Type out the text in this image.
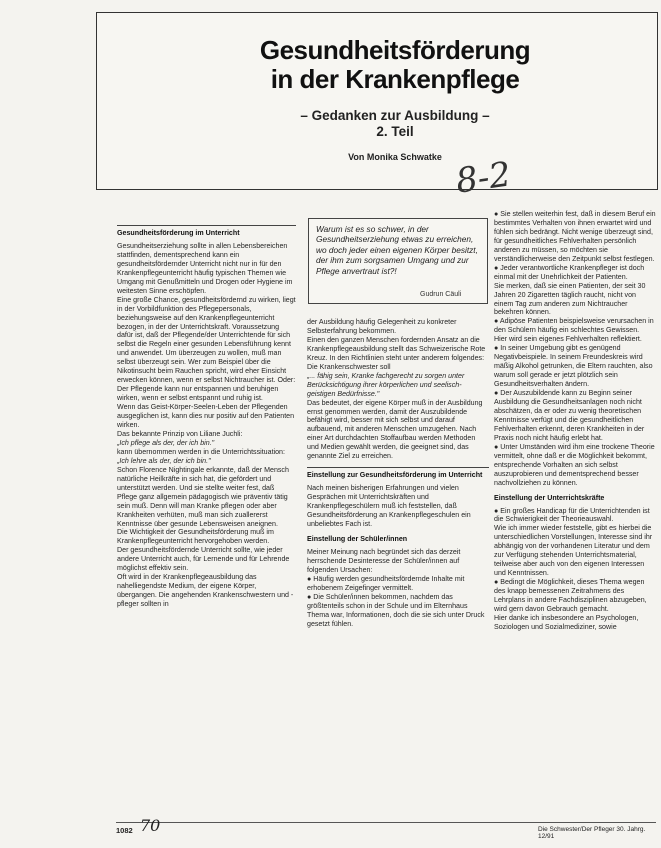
Gesundheitsförderung
in der Krankenpflege
– Gedanken zur Ausbildung –
2. Teil
Von Monika Schwatke 8-2

Gesundheitsförderung im Unterricht

Gesundheitserziehung sollte in allen Lebensbereichen stattfinden, dementsprechend kann ein gesundheitsfördernder Unterricht nicht nur in für den Krankenpflegeunterricht häufig typischen Themen wie Umgang mit Genußmitteln und Drogen oder Hygiene im weitesten Sinne erschöpfen.

Eine große Chance, gesundheitsfördernd zu wirken, liegt in der Vorbildfunktion des Pflegepersonals, beziehungsweise auf den Krankenpflegeunterricht bezogen, in der der Unterrichtskraft. Voraussetzung dafür ist, daß der Pflegende/der Unterrichtende für sich selbst die Regeln einer gesunden Lebensführung kennt und anwendet. Um überzeugen zu wollen, muß man selbst überzeugt sein. Wer zum Beispiel über die Nikotinsucht beim Rauchen spricht, wird eher Einsicht erwecken können, wenn er selbst Nichtraucher ist. Oder: Der Pflegende kann nur entspannen und beruhigen wirken, wenn er selbst entspannt und ruhig ist.

Wenn das Geist-Körper-Seelen-Leben der Pflegenden ausgeglichen ist, kann dies nur positiv auf den Patienten wirken.

Das bekannte Prinzip von Liliane Juchli:

„Ich pflege als der, der ich bin."

kann übernommen werden in die Unterrichtssituation:

„Ich lehre als der, der ich bin."

Schon Florence Nightingale erkannte, daß der Mensch natürliche Heilkräfte in sich hat, die gefördert und unterstützt werden. Und sie stellte weiter fest, daß Pflege ganz allgemein pädagogisch wie präventiv tätig sein muß. Denn will man Kranke pflegen oder aber Krankheiten verhüten, muß man sich zuallererst Kenntnisse über gesunde Lebensweisen aneignen.

Die Wichtigkeit der Gesundheitsförderung muß im Krankenpflegeunterricht hervorgehoben werden.

Der gesundheitsfördernde Unterricht sollte, wie jeder andere Unterricht auch, für Lernende und für Lehrende möglichst effektiv sein.

Oft wird in der Krankenpflegeausbildung das nahelliegendste Medium, der eigene Körper, übergangen. Die angehenden Krankenschwestern und -pfleger sollten in

Warum ist es so schwer, in der Gesundheitserziehung etwas zu erreichen, wo doch jeder einen eigenen Körper besitzt, der ihm zum sorgsamen Umgang und zur Pflege anvertraut ist?!
Gudrun Cäuli

der Ausbildung häufig Gelegenheit zu konkreter Selbsterfahrung bekommen.

Einen den ganzen Menschen fordernden Ansatz an die Krankenpflegeausbildung stellt das Schweizerische Rote Kreuz. In den Richtlinien steht unter anderem folgendes:

Die Krankenschwester soll

„... fähig sein, Kranke fachgerecht zu sorgen unter Berücksichtigung ihrer körperlichen und seelisch-geistigen Bedürfnisse."

Das bedeutet, der eigene Körper muß in der Ausbildung ernst genommen werden, damit der Auszubildende befähigt wird, besser mit sich selbst und darauf aufbauend, mit anderen Menschen umzugehen. Nach einer Art durchdachten Stoffaufbau werden Methoden und Medien gewählt werden, die geeignet sind, das genannte Ziel zu erreichen.

Einstellung zur Gesundheitsförderung im Unterricht

Nach meinen bisherigen Erfahrungen und vielen Gesprächen mit Unterrichtskräften und Krankenpflegeschülern muß ich feststellen, daß Gesundheitsförderung an Krankenpflegeschulen ein unbeliebtes Fach ist.

Einstellung der Schüler/innen

Meiner Meinung nach begründet sich das derzeit herrschende Desinteresse der Schüler/innen auf folgenden Ursachen:

● Häufig werden gesundheitsfördernde Inhalte mit erhobenem Zeigefinger vermittelt.

● Die Schüler/innen bekommen, nachdem das größtenteils schon in der Schule und im Elternhaus Thema war, Informationen, doch die sie sich unter Druck gesetzt fühlen.

● Sie stellen weiterhin fest, daß in diesem Beruf ein bestimmtes Verhalten von ihnen erwartet wird und fühlen sich bedrängt. Nicht wenige überzeugt sind, für gesundheitliches Fehlverhalten persönlich anderen zu müssen, so möchten sie verständlicherweise den Zeitpunkt selbst festlegen.

● Jeder verantwortliche Krankenpfleger ist doch einmal mit der Unehrlichkeit der Patienten.

Sie merken, daß sie einen Patienten, der seit 30 Jahren 20 Zigaretten täglich raucht, nicht von einem Tag zum anderen zum Nichtraucher bekehren können.

● Adipöse Patienten beispielsweise verursachen in den Schülern häufig ein schlechtes Gewissen.

Hier wird sein eigenes Fehlverhalten reflektiert.

● In seiner Umgebung gibt es genügend Negativbeispiele. In seinem Freundeskreis wird mäßig Alkohol getrunken, die Eltern rauchten, also warum soll gerade er jetzt plötzlich sein Gesundheitsverhalten ändern.

● Der Auszubildende kann zu Beginn seiner Ausbildung die Gesundheitsanlagen noch nicht abschätzen, da er oder zu wenig theoretischen Kenntnisse verfügt und die gesundheitlichen Fehlverhalten erkennt, deren Krankheiten in der Praxis noch nicht häufig erlebt hat.

● Unter Umständen wird ihm eine trockene Theorie vermittelt, ohne daß er die Möglichkeit bekommt, entsprechende Vorhalten an sich selbst auszuprobieren und dementsprechend besser nachvollziehen zu können.

Einstellung der Unterrichtskräfte

● Ein großes Handicap für die Unterrichtenden ist die Schwierigkeit der Theorieauswahl.

Wie ich immer wieder feststelle, gibt es hierbei die unterschiedlichen Vorstellungen, Interesse sind ihr abhängig von der vorhandenen Literatur und dem zur Verfügung stehenden Unterrichtsmaterial, teilweise aber auch von den eigenen Interessen und Kenntnissen.

● Bedingt die Möglichkeit, dieses Thema wegen des knapp bemessenen Zeitrahmens des Lehrplans in andere Fachdisziplinen abzugeben, wird gern davon Gebrauch gemacht.

Hier danke ich insbesondere an Psychologen, Soziologen und Sozialmediziner, sowie

1082 70	Die Schwester/Der Pfleger 30. Jahrg. 12/91
